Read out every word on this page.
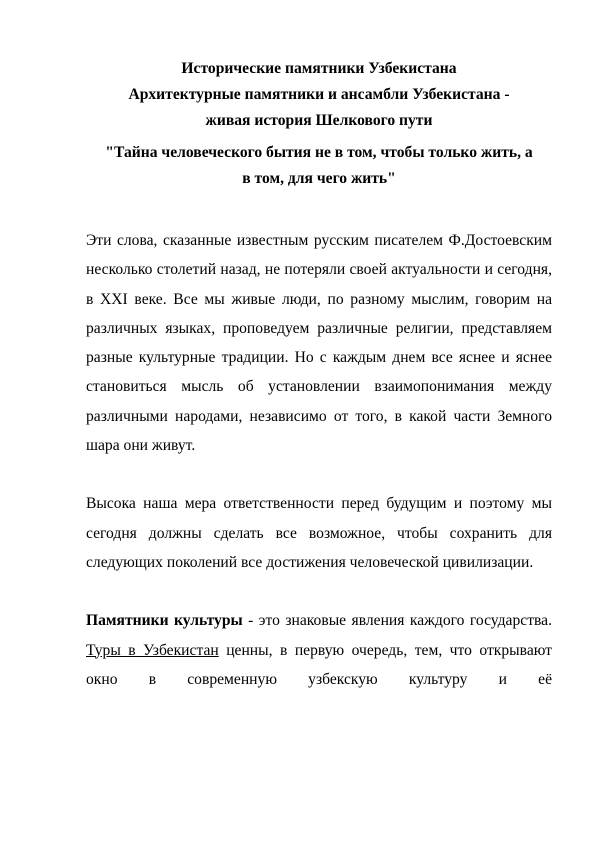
Исторические памятники Узбекистана

Архитектурные памятники и ансамбли Узбекистана -

живая история Шелкового пути

"Тайна человеческого бытия не в том, чтобы только жить, а
в том, для чего жить"

Эти слова, сказанные известным русским писателем Ф.Достоевским несколько столетий назад, не потеряли своей актуальности и сегодня, в XXI веке. Все мы живые люди, по разному мыслим, говорим на различных языках, проповедуем различные религии, представляем разные культурные традиции. Но с каждым днем все яснее и яснее становиться мысль об установлении взаимопонимания между различными народами, независимо от того, в какой части Земного шара они живут.

Высока наша мера ответственности перед будущим и поэтому мы сегодня должны сделать все возможное, чтобы сохранить для следующих поколений все достижения человеческой цивилизации.

Памятники культуры - это знаковые явления каждого государства. Туры в Узбекистан ценны, в первую очередь, тем, что открывают окно в современную узбекскую культуру и её
